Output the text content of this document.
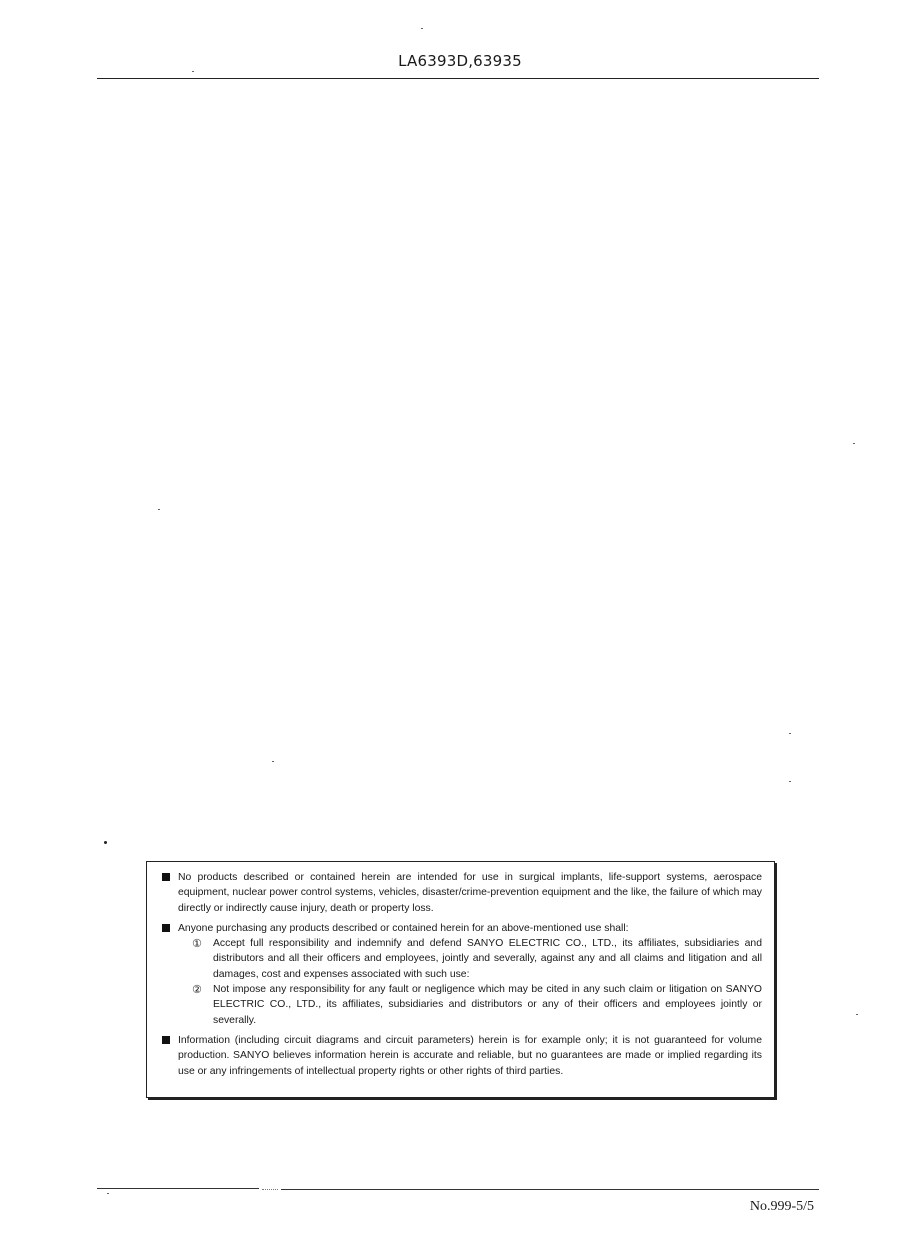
LA6393D,63935
No products described or contained herein are intended for use in surgical implants, life-support systems, aerospace equipment, nuclear power control systems, vehicles, disaster/crime-prevention equipment and the like, the failure of which may directly or indirectly cause injury, death or property loss.
Anyone purchasing any products described or contained herein for an above-mentioned use shall:
①	Accept full responsibility and indemnify and defend SANYO ELECTRIC CO., LTD., its affiliates, subsidiaries and distributors and all their officers and employees, jointly and severally, against any and all claims and litigation and all damages, cost and expenses associated with such use:
②	Not impose any responsibility for any fault or negligence which may be cited in any such claim or litigation on SANYO ELECTRIC CO., LTD., its affiliates, subsidiaries and distributors or any of their officers and employees jointly or severally.
Information (including circuit diagrams and circuit parameters) herein is for example only; it is not guaranteed for volume production. SANYO believes information herein is accurate and reliable, but no guarantees are made or implied regarding its use or any infringements of intellectual property rights or other rights of third parties.
No.999-5/5
